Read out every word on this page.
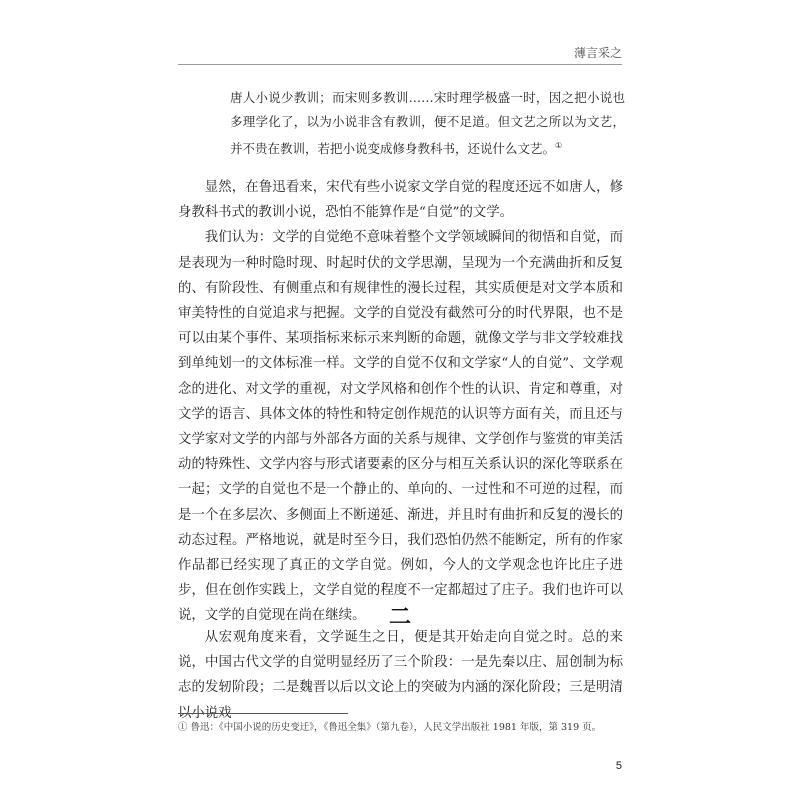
薄言采之
唐人小说少教训；而宋则多教训……宋时理学极盛一时，因之把小说也多理学化了，以为小说非含有教训，便不足道。但文艺之所以为文艺，并不贵在教训，若把小说变成修身教科书，还说什么文艺。①

显然，在鲁迅看来，宋代有些小说家文学自觉的程度还远不如唐人，修身教科书式的教训小说，恐怕不能算作是“自觉”的文学。

我们认为：文学的自觉绝不意味着整个文学领域瞬间的彻悟和自觉，而是表现为一种时隐时现、时起时伏的文学思潮，呈现为一个充满曲折和反复的、有阶段性、有侧重点和有规律性的漫长过程，其实质便是对文学本质和审美特性的自觉追求与把握。文学的自觉没有截然可分的时代界限，也不是可以由某个事件、某项指标来标示来判断的命题，就像文学与非文学较难找到单纯划一的文体标准一样。文学的自觉不仅和文学家“人的自觉”、文学观念的进化、对文学的重视，对文学风格和创作个性的认识、肯定和尊重，对文学的语言、具体文体的特性和特定创作规范的认识等方面有关，而且还与文学家对文学的内部与外部各方面的关系与规律、文学创作与鉴赏的审美活动的特殊性、文学内容与形式诸要素的区分与相互关系认识的深化等联系在一起；文学的自觉也不是一个静止的、单向的、一过性和不可逆的过程，而是一个在多层次、多侧面上不断递延、渐进，并且时有曲折和反复的漫长的动态过程。严格地说，就是时至今日，我们恐怕仍然不能断定，所有的作家作品都已经实现了真正的文学自觉。例如，今人的文学观念也许比庄子进步，但在创作实践上，文学自觉的程度不一定都超过了庄子。我们也许可以说，文学的自觉现在尚在继续。	二

从宏观角度来看，文学诞生之日，便是其开始走向自觉之时。总的来说，中国古代文学的自觉明显经历了三个阶段：一是先秦以庄、屈创制为标志的发轫阶段；二是魏晋以后以文论上的突破为内涵的深化阶段；三是明清以小说戏

① 鲁迅：《中国小说的历史变迁》，《鲁迅全集》（第九卷），人民文学出版社 1981 年版，第 319 页。
5
